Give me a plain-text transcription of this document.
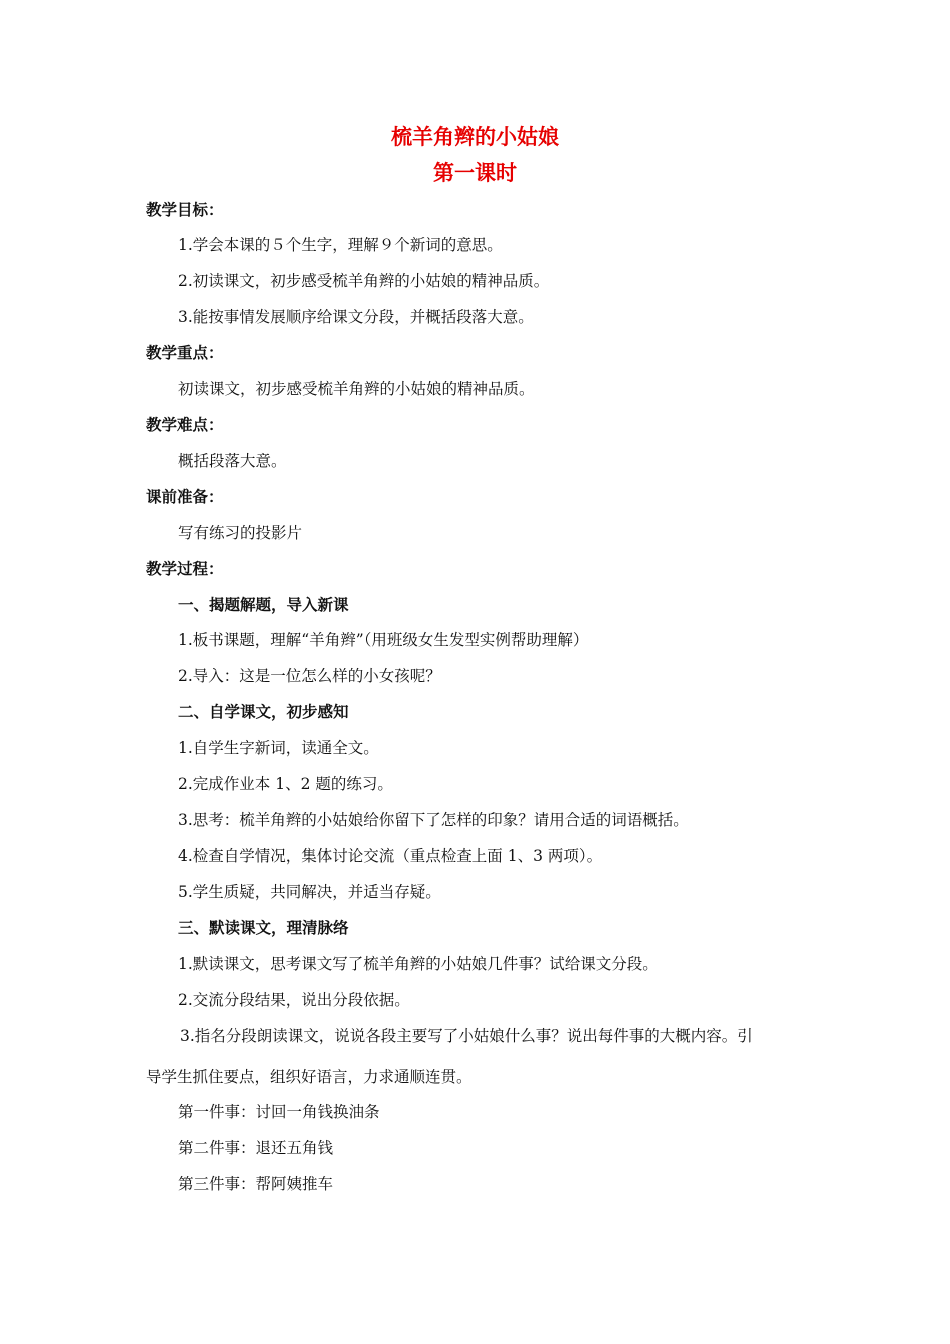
梳羊角辫的小姑娘
第一课时
教学目标：
1.学会本课的５个生字，理解９个新词的意思。
2.初读课文，初步感受梳羊角辫的小姑娘的精神品质。
3.能按事情发展顺序给课文分段，并概括段落大意。
教学重点：
初读课文，初步感受梳羊角辫的小姑娘的精神品质。
教学难点：
概括段落大意。
课前准备：
写有练习的投影片
教学过程：
一、揭题解题，导入新课
1.板书课题，理解“羊角辫”（用班级女生发型实例帮助理解）
2.导入：这是一位怎么样的小女孩呢？
二、自学课文，初步感知
1.自学生字新词，读通全文。
2.完成作业本 1、2 题的练习。
3.思考：梳羊角辫的小姑娘给你留下了怎样的印象？请用合适的词语概括。
4.检查自学情况，集体讨论交流（重点检查上面 1、3 两项）。
5.学生质疑，共同解决，并适当存疑。
三、默读课文，理清脉络
1.默读课文，思考课文写了梳羊角辫的小姑娘几件事？试给课文分段。
2.交流分段结果，说出分段依据。
3.指名分段朗读课文，说说各段主要写了小姑娘什么事？说出每件事的大概内容。引
导学生抓住要点，组织好语言，力求通顺连贯。
第一件事：讨回一角钱换油条
第二件事：退还五角钱
第三件事：帮阿姨推车
